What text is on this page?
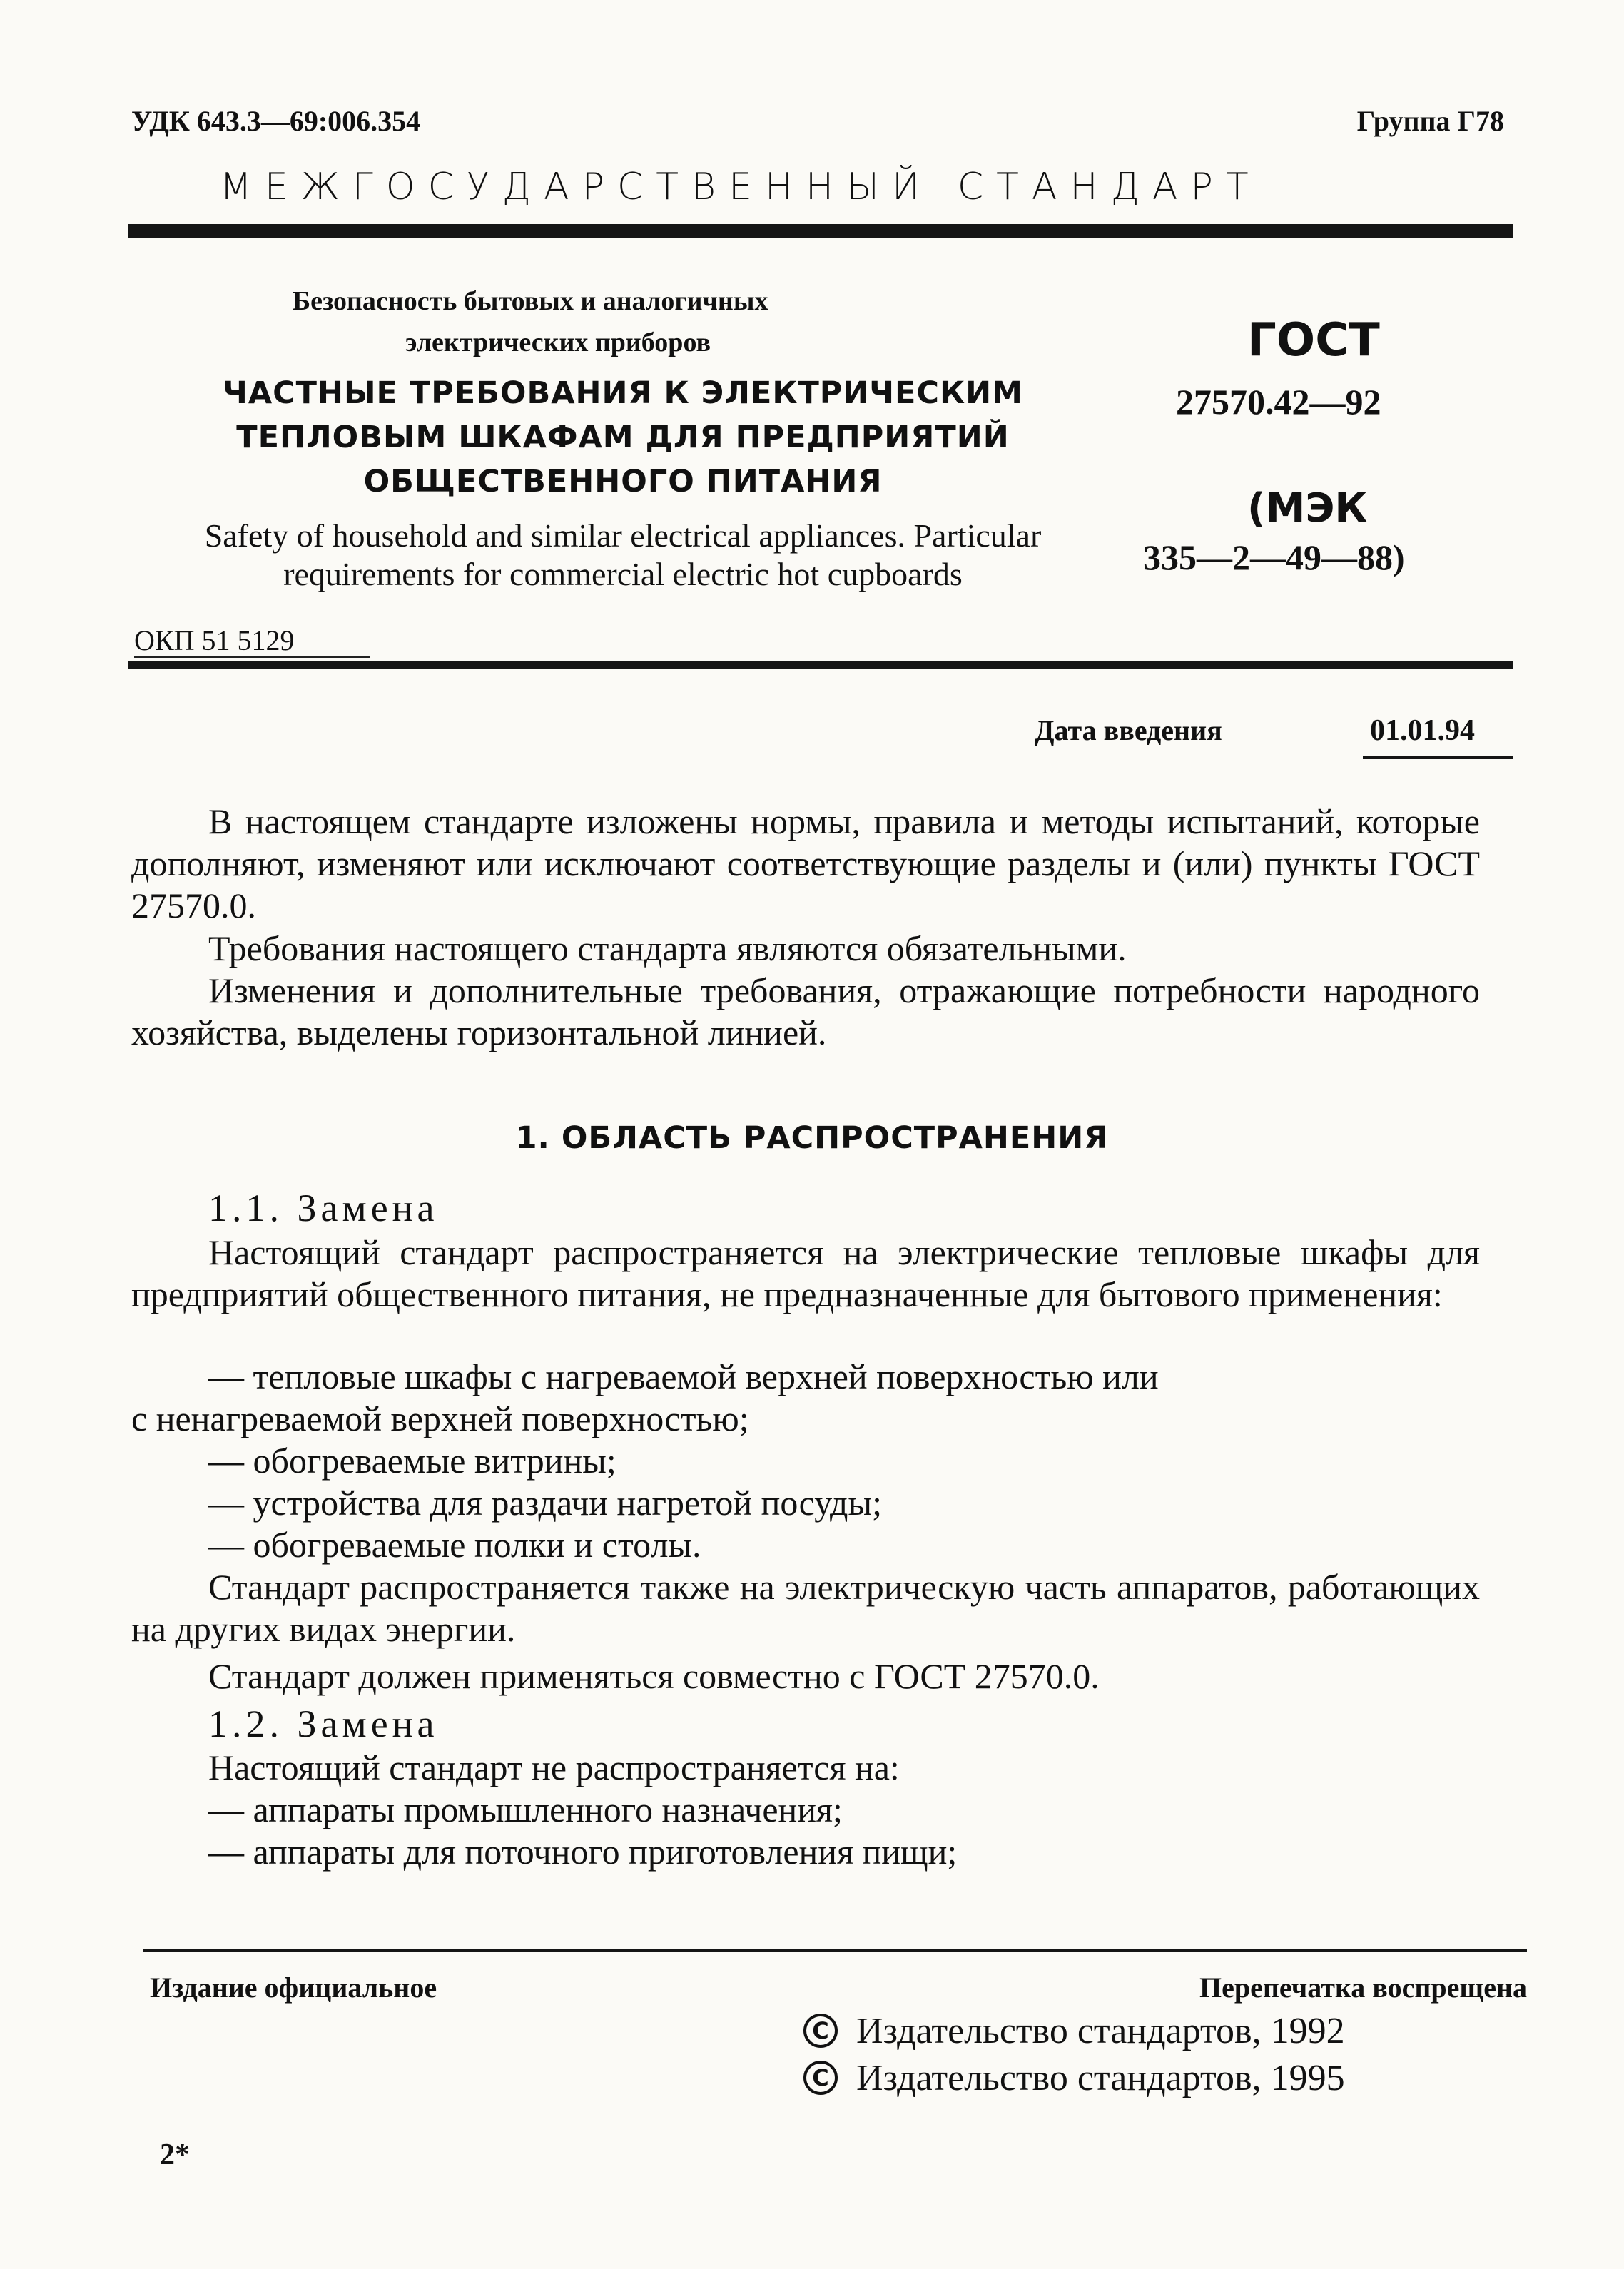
УДК 643.3—69:006.354	Группа Г78
МЕЖГОСУДАРСТВЕННЫЙ СТАНДАРТ
Безопасность бытовых и аналогичных
электрических приборов
ЧАСТНЫЕ ТРЕБОВАНИЯ К ЭЛЕКТРИЧЕСКИМ ТЕПЛОВЫМ ШКАФАМ ДЛЯ ПРЕДПРИЯТИЙ ОБЩЕСТВЕННОГО ПИТАНИЯ
Safety of household and similar electrical appliances. Particular requirements for commercial electric hot cupboards
ОКП 51 5129
ГОСТ
27570.42—92
(МЭК
335—2—49—88)
Дата введения	01.01.94

В настоящем стандарте изложены нормы, правила и методы испытаний, которые дополняют, изменяют или исключают соответствующие разделы и (или) пункты ГОСТ 27570.0.

Требования настоящего стандарта являются обязательными.

Изменения и дополнительные требования, отражающие потребности народного хозяйства, выделены горизонтальной линией.

1. ОБЛАСТЬ РАСПРОСТРАНЕНИЯ
1.1. Замена

Настоящий стандарт распространяется на электрические тепловые шкафы для предприятий общественного питания, не предназначенные для бытового применения:

— тепловые шкафы с нагреваемой верхней поверхностью или

с ненагреваемой верхней поверхностью;

— обогреваемые витрины;
— устройства для раздачи нагретой посуды;
— обогреваемые полки и столы.

Стандарт распространяется также на электрическую часть аппаратов, работающих на других видах энергии.

Стандарт должен применяться совместно с ГОСТ 27570.0.
1.2. Замена
Настоящий стандарт не распространяется на:
— аппараты промышленного назначения;
— аппараты для поточного приготовления пищи;
Издание официальное	Перепечатка воспрещена
C Издательство стандартов, 1992
C Издательство стандартов, 1995
2*
